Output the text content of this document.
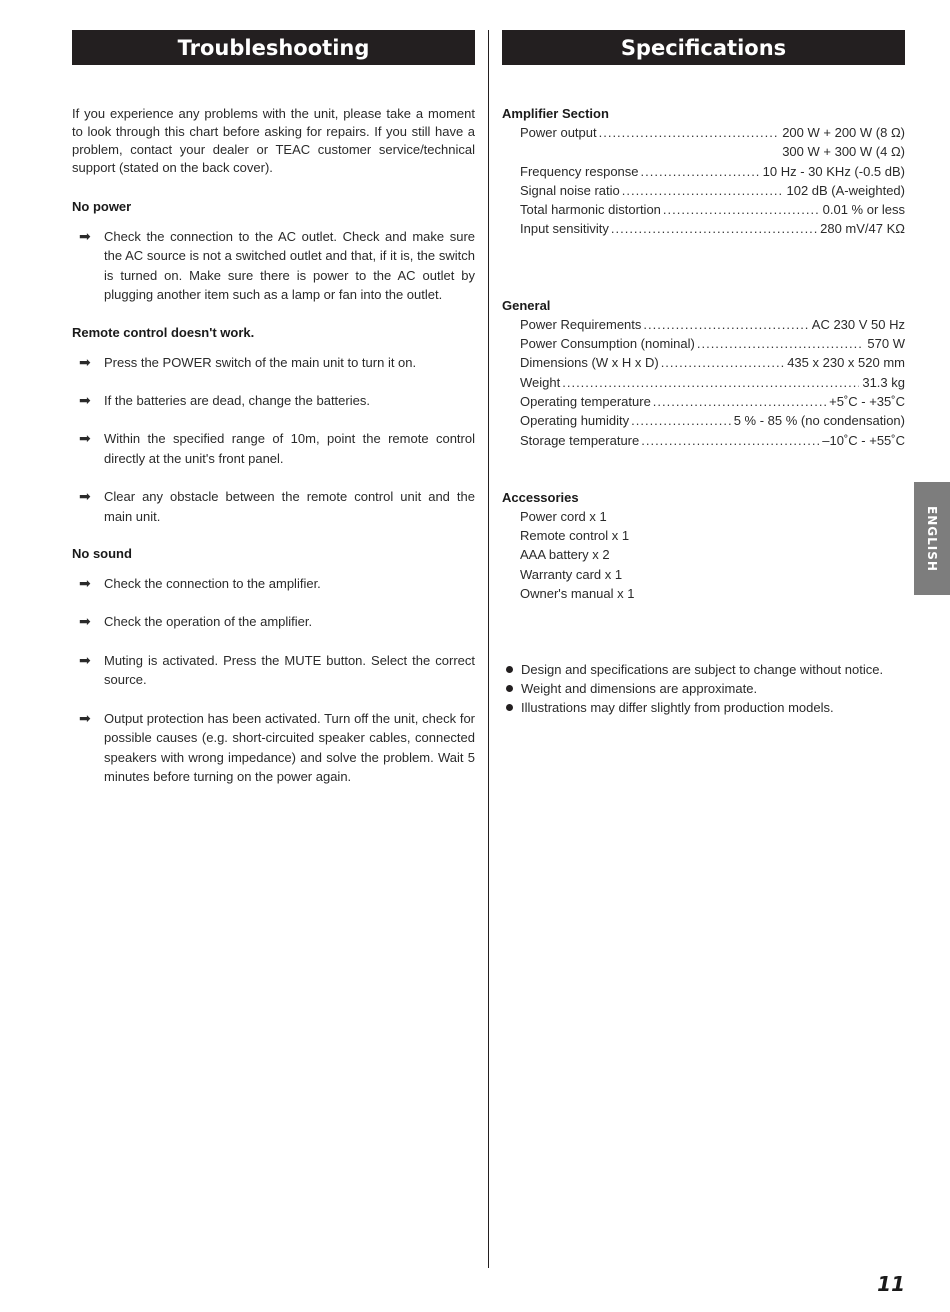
Troubleshooting	Specifications

If you experience any problems with the unit, please take a moment to look through this chart before asking for repairs. If you still have a problem, contact your dealer or TEAC customer service/technical support (stated on the back cover).

No power
➡	Check the connection to the AC outlet. Check and make sure the AC source is not a switched outlet and that, if it is, the switch is turned on. Make sure there is power to the AC outlet by plugging another item such as a lamp or fan into the outlet.
Remote control doesn't work.
➡	Press the POWER switch of the main unit to turn it on.
➡	If the batteries are dead, change the batteries.
➡	Within the specified range of 10m, point the remote control directly at the unit's front panel.
➡	Clear any obstacle between the remote control unit and the main unit.
No sound
➡	Check the connection to the amplifier.
➡	Check the operation of the amplifier.
➡	Muting is activated. Press the MUTE button. Select the correct source.
➡	Output protection has been activated. Turn off the unit, check for possible causes (e.g. short-circuited speaker cables, connected speakers with wrong impedance) and solve the problem. Wait 5 minutes before turning on the power again.
Amplifier Section
Power output .....	200 W + 200 W (8 Ω)
300 W + 300 W (4 Ω)
Frequency response .....	10 Hz - 30 KHz (-0.5 dB)
Signal noise ratio .....	102 dB (A-weighted)
Total harmonic distortion .....	0.01 % or less
Input sensitivity .....	280 mV/47 KΩ
General
Power Requirements .....	AC 230 V 50 Hz
Power Consumption (nominal) .....	570 W
Dimensions (W x H x D) .....	435 x 230 x 520 mm
Weight .....	31.3 kg
Operating temperature .....	+5˚C - +35˚C
Operating humidity .....	5 % - 85 % (no condensation)
Storage temperature .....	–10˚C - +55˚C
Accessories
Power cord x 1
Remote control x 1
AAA battery x 2
Warranty card x 1
Owner's manual x 1
Design and specifications are subject to change without notice.
Weight and dimensions are approximate.
Illustrations may differ slightly from production models.
ENGLISH
11
